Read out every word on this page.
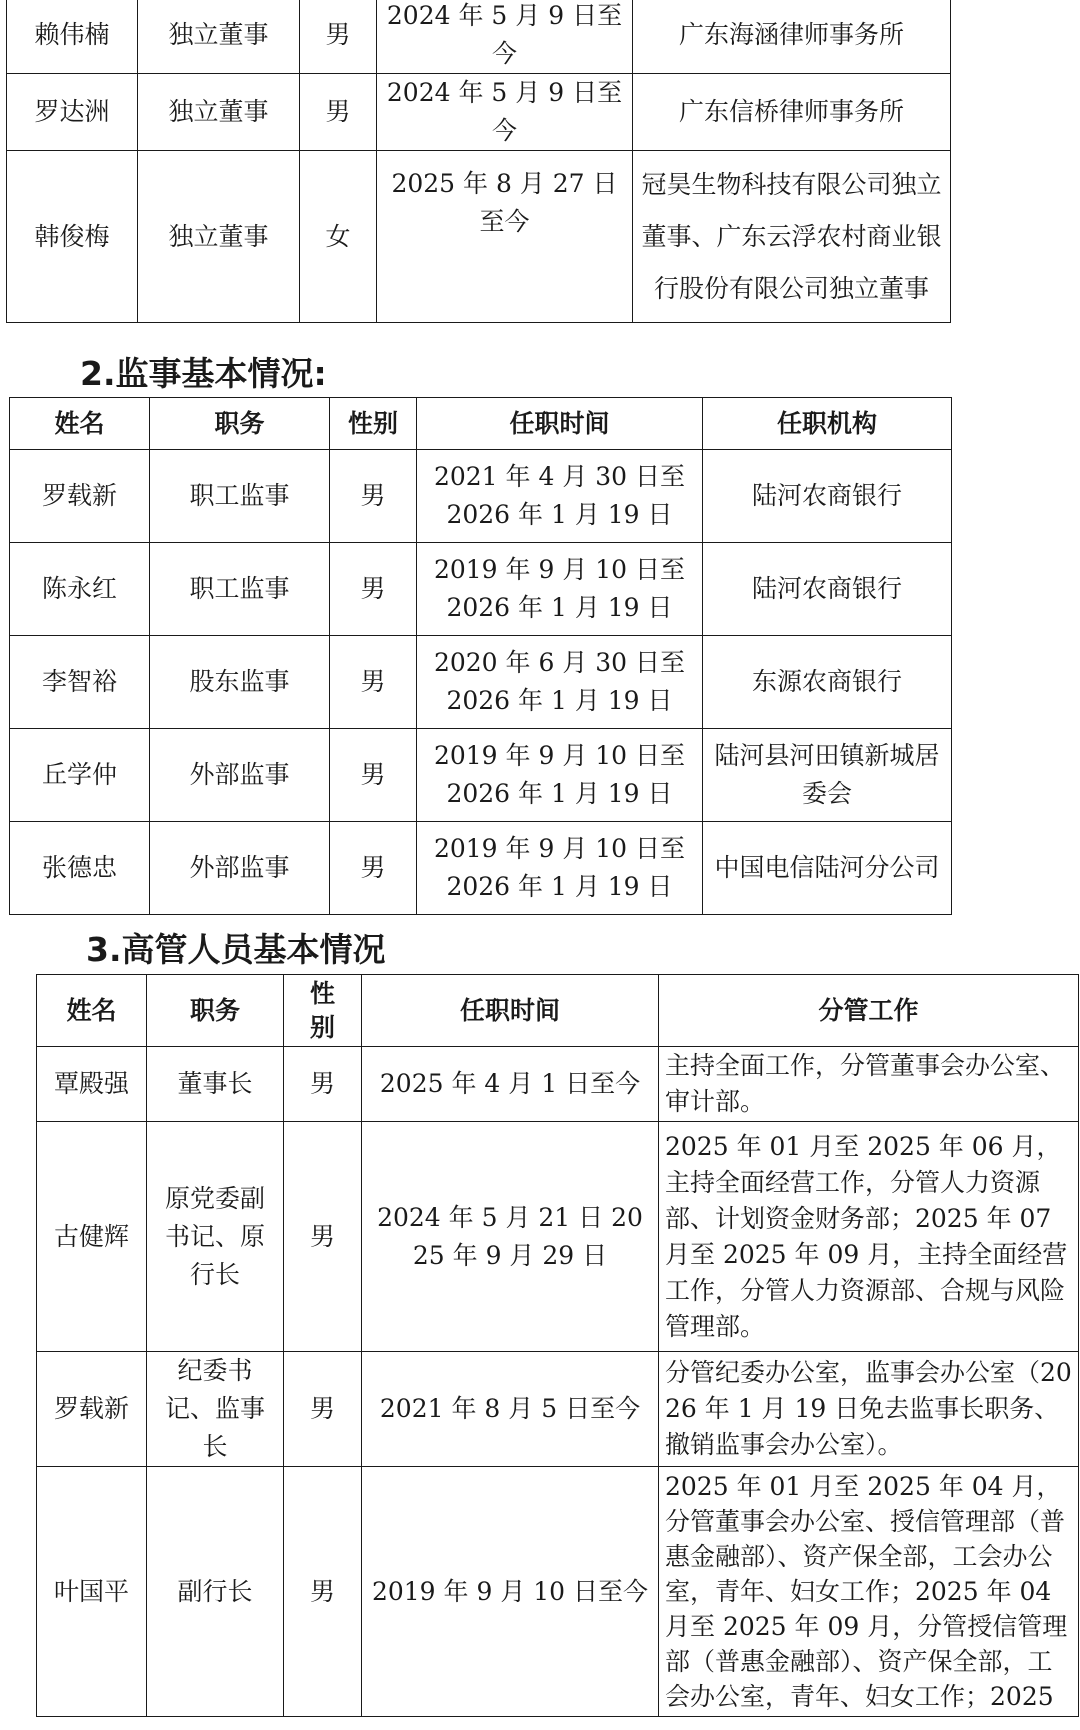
赖伟楠	独立董事	男	2024 年 5 月 9 日至今	广东海涵律师事务所
罗达洲	独立董事	男	2024 年 5 月 9 日至今	广东信桥律师事务所
韩俊梅	独立董事	女	2025 年 8 月 27 日至今	冠昊生物科技有限公司独立董事、广东云浮农村商业银行股份有限公司独立董事
2.监事基本情况:
姓名	职务	性别	任职时间	任职机构
罗载新	职工监事	男	2021 年 4 月 30 日至 2026 年 1 月 19 日	陆河农商银行
陈永红	职工监事	男	2019 年 9 月 10 日至 2026 年 1 月 19 日	陆河农商银行
李智裕	股东监事	男	2020 年 6 月 30 日至 2026 年 1 月 19 日	东源农商银行
丘学仲	外部监事	男	2019 年 9 月 10 日至 2026 年 1 月 19 日	陆河县河田镇新城居委会
张德忠	外部监事	男	2019 年 9 月 10 日至 2026 年 1 月 19 日	中国电信陆河分公司
3.高管人员基本情况
姓名	职务	性别	任职时间	分管工作
覃殿强	董事长	男	2025 年 4 月 1 日至今	主持全面工作，分管董事会办公室、审计部。
古健辉	原党委副书记、原行长	男	2024 年 5 月 21 日 2025 年 9 月 29 日	2025 年 01 月至 2025 年 06 月，主持全面经营工作，分管人力资源部、计划资金财务部；2025 年 07 月至 2025 年 09 月，主持全面经营工作，分管人力资源部、合规与风险管理部。
罗载新	纪委书记、监事长	男	2021 年 8 月 5 日至今	分管纪委办公室，监事会办公室（2026 年 1 月 19 日免去监事长职务、撤销监事会办公室）。
叶国平	副行长	男	2019 年 9 月 10 日至今	2025 年 01 月至 2025 年 04 月，分管董事会办公室、授信管理部（普惠金融部）、资产保全部，工会办公室，青年、妇女工作；2025 年 04 月至 2025 年 09 月，分管授信管理部（普惠金融部）、资产保全部，工会办公室，青年、妇女工作；2025
